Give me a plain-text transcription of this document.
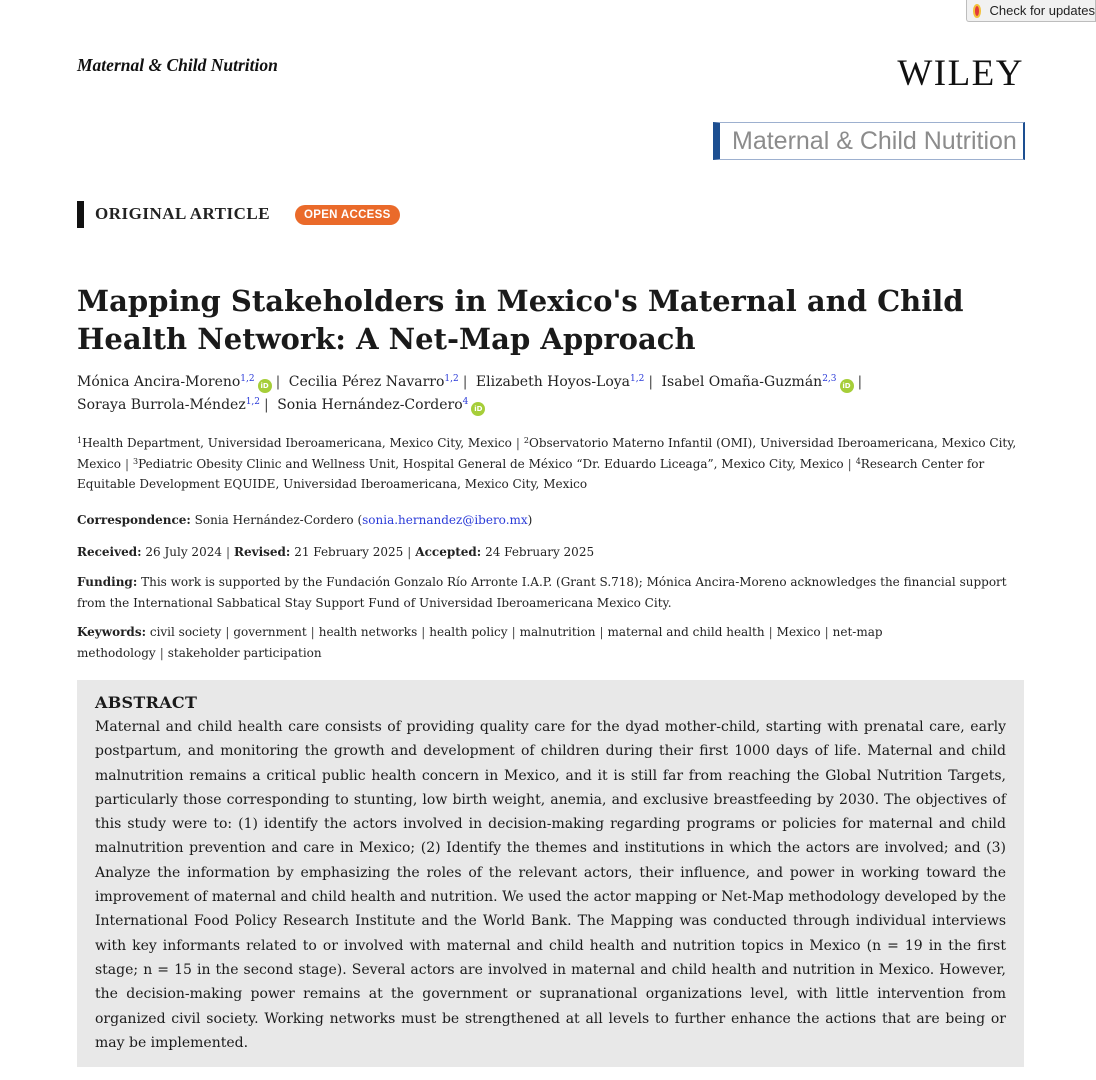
Check for updates
Maternal & Child Nutrition	WILEY
Maternal & Child Nutrition
ORIGINAL ARTICLE	OPEN ACCESS
Mapping Stakeholders in Mexico's Maternal and Child Health Network: A Net-Map Approach
Mónica Ancira-Moreno$^{1,2}$iD | Cecilia Pérez Navarro$^{1,2}$ | Elizabeth Hoyos-Loya$^{1,2}$ | Isabel Omaña-Guzmán$^{2,3}$iD |
Soraya Burrola-Méndez$^{1,2}$ | Sonia Hernández-Cordero$^4$iD
$^1$Health Department, Universidad Iberoamericana, Mexico City, Mexico | $^2$Observatorio Materno Infantil (OMI), Universidad Iberoamericana, Mexico City, Mexico | $^3$Pediatric Obesity Clinic and Wellness Unit, Hospital General de México “Dr. Eduardo Liceaga”, Mexico City, Mexico | $^4$Research Center for Equitable Development EQUIDE, Universidad Iberoamericana, Mexico City, Mexico
Correspondence: Sonia Hernández-Cordero (sonia.hernandez@ibero.mx)
Received: 26 July 2024 | Revised: 21 February 2025 | Accepted: 24 February 2025
Funding: This work is supported by the Fundación Gonzalo Río Arronte I.A.P. (Grant S.718); Mónica Ancira-Moreno acknowledges the financial support from the International Sabbatical Stay Support Fund of Universidad Iberoamericana Mexico City.
Keywords: civil society | government | health networks | health policy | malnutrition | maternal and child health | Mexico | net-map methodology | stakeholder participation
ABSTRACT

Maternal and child health care consists of providing quality care for the dyad mother-child, starting with prenatal care, early postpartum, and monitoring the growth and development of children during their first 1000 days of life. Maternal and child malnutrition remains a critical public health concern in Mexico, and it is still far from reaching the Global Nutrition Targets, particularly those corresponding to stunting, low birth weight, anemia, and exclusive breastfeeding by 2030. The objectives of this study were to: (1) identify the actors involved in decision-making regarding programs or policies for maternal and child malnutrition prevention and care in Mexico; (2) Identify the themes and institutions in which the actors are involved; and (3) Analyze the information by emphasizing the roles of the relevant actors, their influence, and power in working toward the improvement of maternal and child health and nutrition. We used the actor mapping or Net-Map methodology developed by the International Food Policy Research Institute and the World Bank. The Mapping was conducted through individual interviews with key informants related to or involved with maternal and child health and nutrition topics in Mexico (n = 19 in the first stage; n = 15 in the second stage). Several actors are involved in maternal and child health and nutrition in Mexico. However, the decision-making power remains at the government or supranational organizations level, with little intervention from organized civil society. Working networks must be strengthened at all levels to further enhance the actions that are being or may be implemented.
